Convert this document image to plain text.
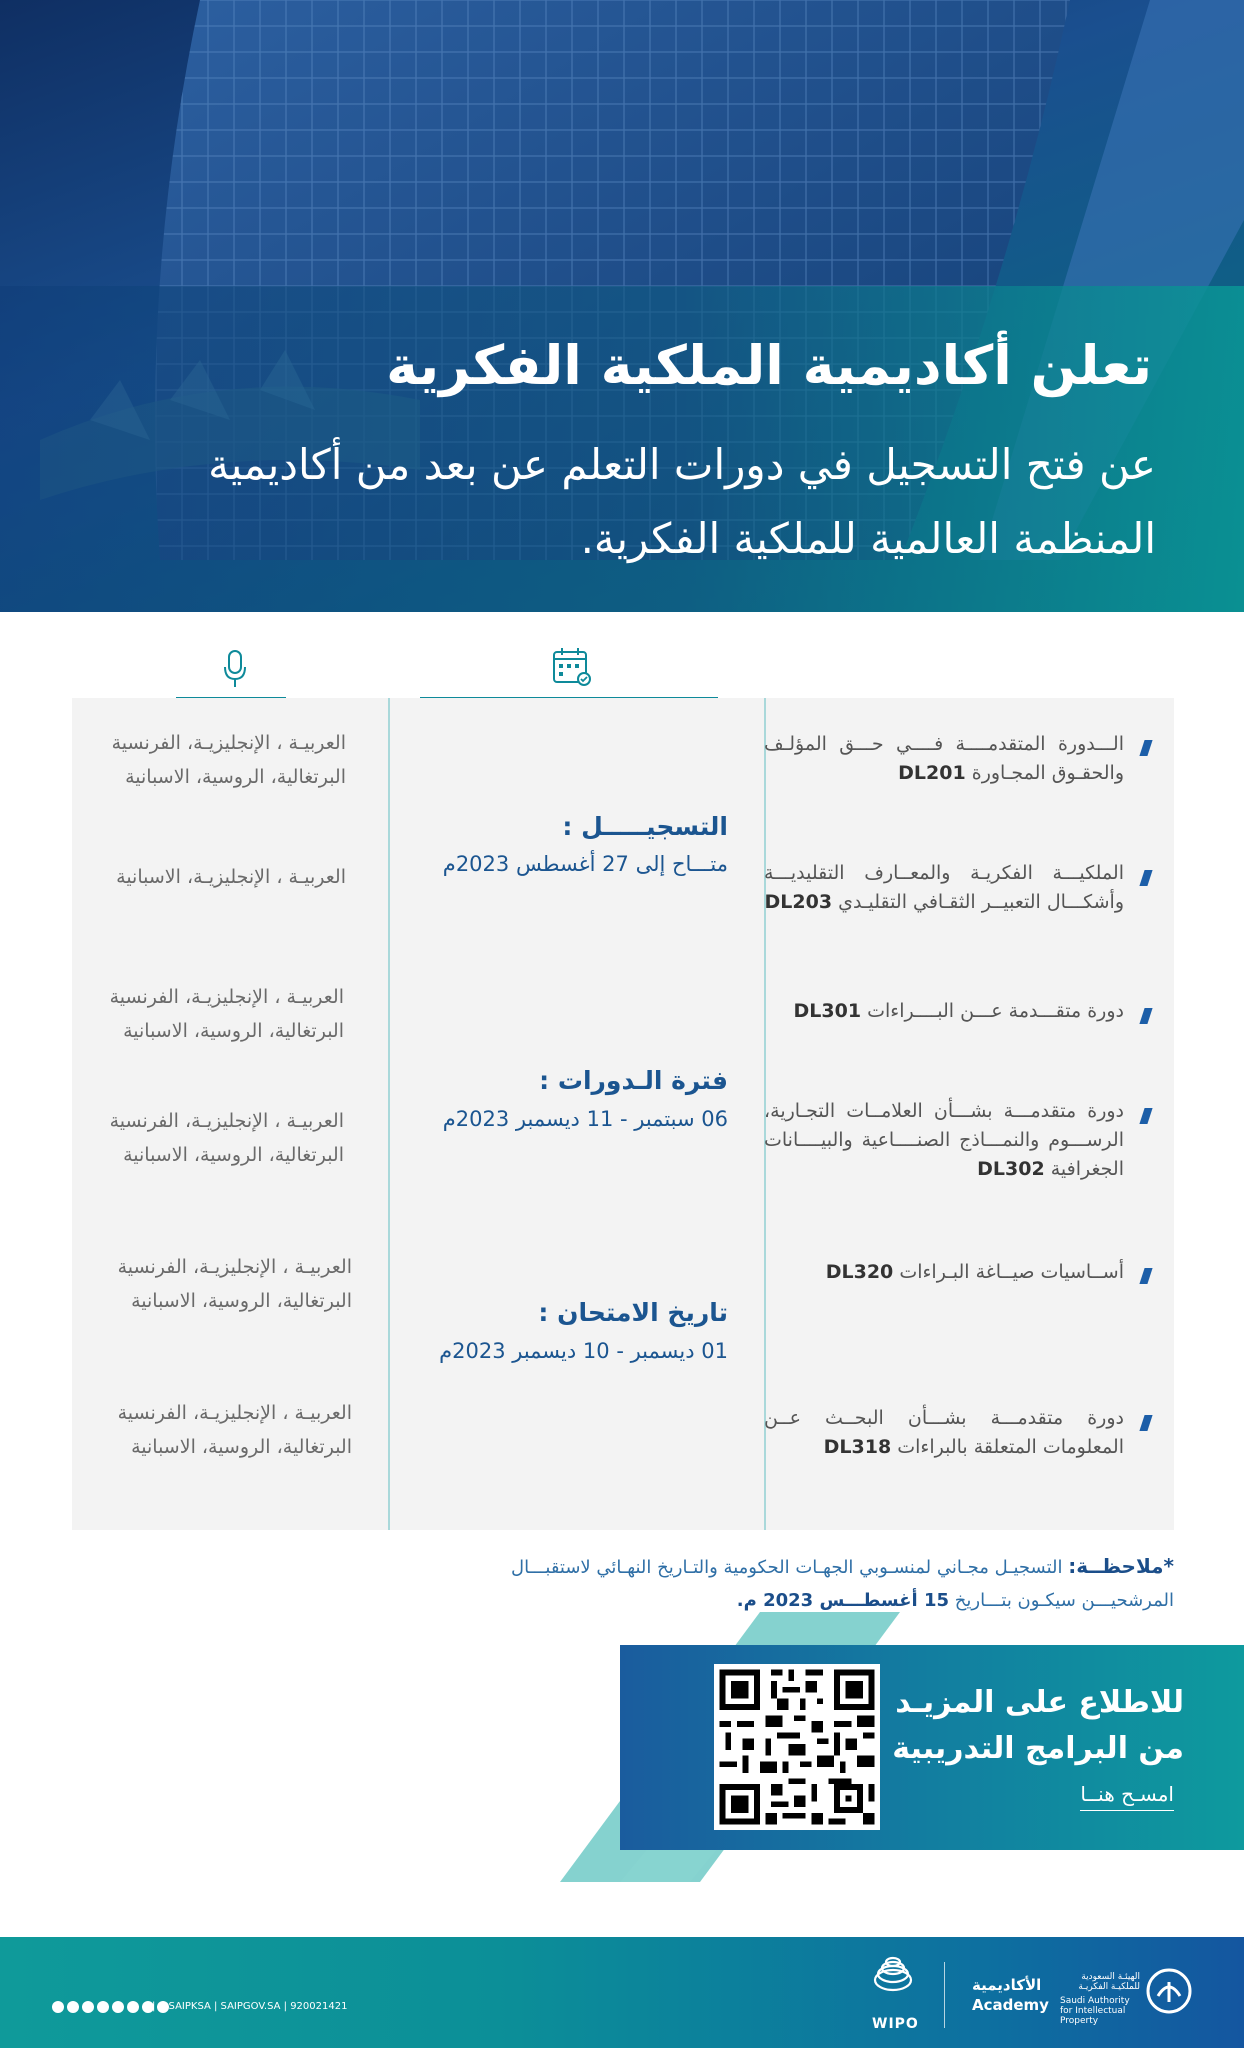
تعلن أكاديمية الملكية الفكرية
عن فتح التسجيل في دورات التعلم عن بعد من أكاديمية المنظمة العالمية للملكية الفكرية.
الـــدورة المتقدمــــة فــــي حـــق المؤلـف والحقـوق المجـاورة DL201
الملكيـــة الفكريـة والمعــارف التقليديـــة وأشكـــال التعبيــر الثقـافي التقليـدي DL203
دورة متقـــدمة عـــن البــــراءات DL301
دورة متقدمـــة بشـــأن العلامــات التجـارية، الرســـوم والنمـــاذج الصنــــاعية والبيــــانات الجغرافية DL302
أســاسيات صيــاغة البـراءات DL320
دورة متقدمـــة بشـــأن البحــث عــن المعلومات المتعلقة بالبراءات DL318
التسجيـــــل :
متـــاح إلى 27 أغسطس 2023م
فترة الـدورات :
06 سبتمبر - 11 ديسمبر 2023م
تاريخ الامتحان :
01 ديسمبر - 10 ديسمبر 2023م
العربيـة ، الإنجليزيـة، الفرنسية البرتغالية، الروسية، الاسبانية
العربيـة ، الإنجليزيـة، الاسبانية
العربيـة ، الإنجليزيـة، الفرنسية البرتغالية، الروسية، الاسبانية
العربيـة ، الإنجليزيـة، الفرنسية البرتغالية، الروسية، الاسبانية
العربيـة ، الإنجليزيـة، الفرنسية البرتغالية، الروسية، الاسبانية
العربيـة ، الإنجليزيـة، الفرنسية البرتغالية، الروسية، الاسبانية
*ملاحظــة: التسجيـل مجـاني لمنسـوبي الجهـات الحكومية والتـاريخ النهـائي لاستقبـــال المرشحيـــن سيكـون بتـــاريخ 15 أغسطـــس 2023 م.
للاطلاع على المزيـد
من البرامج التدريبية
امسـح هنــا
| @SAIPKSA | SAIPGOV.SA | 920021421
WIPO
الأكاديمية
Academy
الهيئـة السعودية للملكيـة الفكريـة
Saudi Authority for Intellectual Property
